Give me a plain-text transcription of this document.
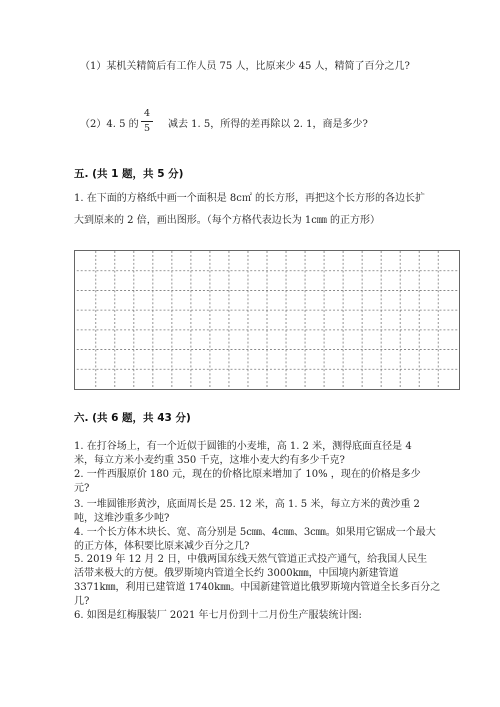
（1）某机关精简后有工作人员 75 人，比原来少 45 人，精简了百分之几?
（2）4. 5 的
4
5	减去 1. 5，所得的差再除以 2. 1，商是多少?
五. (共 1 题，共 5 分)
1. 在下面的方格纸中画一个面积是 8c㎡ 的长方形，再把这个长方形的各边长扩
大到原来的 2 倍，画出图形。（每个方格代表边长为 1c㎜ 的正方形）
六. (共 6 题，共 43 分)
1. 在打谷场上，有一个近似于圆锥的小麦堆，高 1. 2 米，测得底面直径是 4
米，每立方米小麦约重 350 千克，这堆小麦大约有多少千克?
2. 一件西服原价 180 元，现在的价格比原来增加了 10% ，现在的价格是多少
元?
3. 一堆圆锥形黄沙，底面周长是 25. 12 米，高 1. 5 米，每立方米的黄沙重 2
吨，这堆沙重多少吨?
4. 一个长方体木块长、宽、高分别是 5c㎜、4c㎜、3c㎜。如果用它锯成一个最大
的正方体，体积要比原来减少百分之几?
5. 2019 年 12 月 2 日，中俄两国东线天然气管道正式投产通气，给我国人民生
活带来极大的方便。俄罗斯境内管道全长约 3000k㎜，中国境内新建管道
3371k㎜，利用已建管道 1740k㎜。中国新建管道比俄罗斯境内管道全长多百分之
几?
6. 如图是红梅服装厂 2021 年七月份到十二月份生产服装统计图:
